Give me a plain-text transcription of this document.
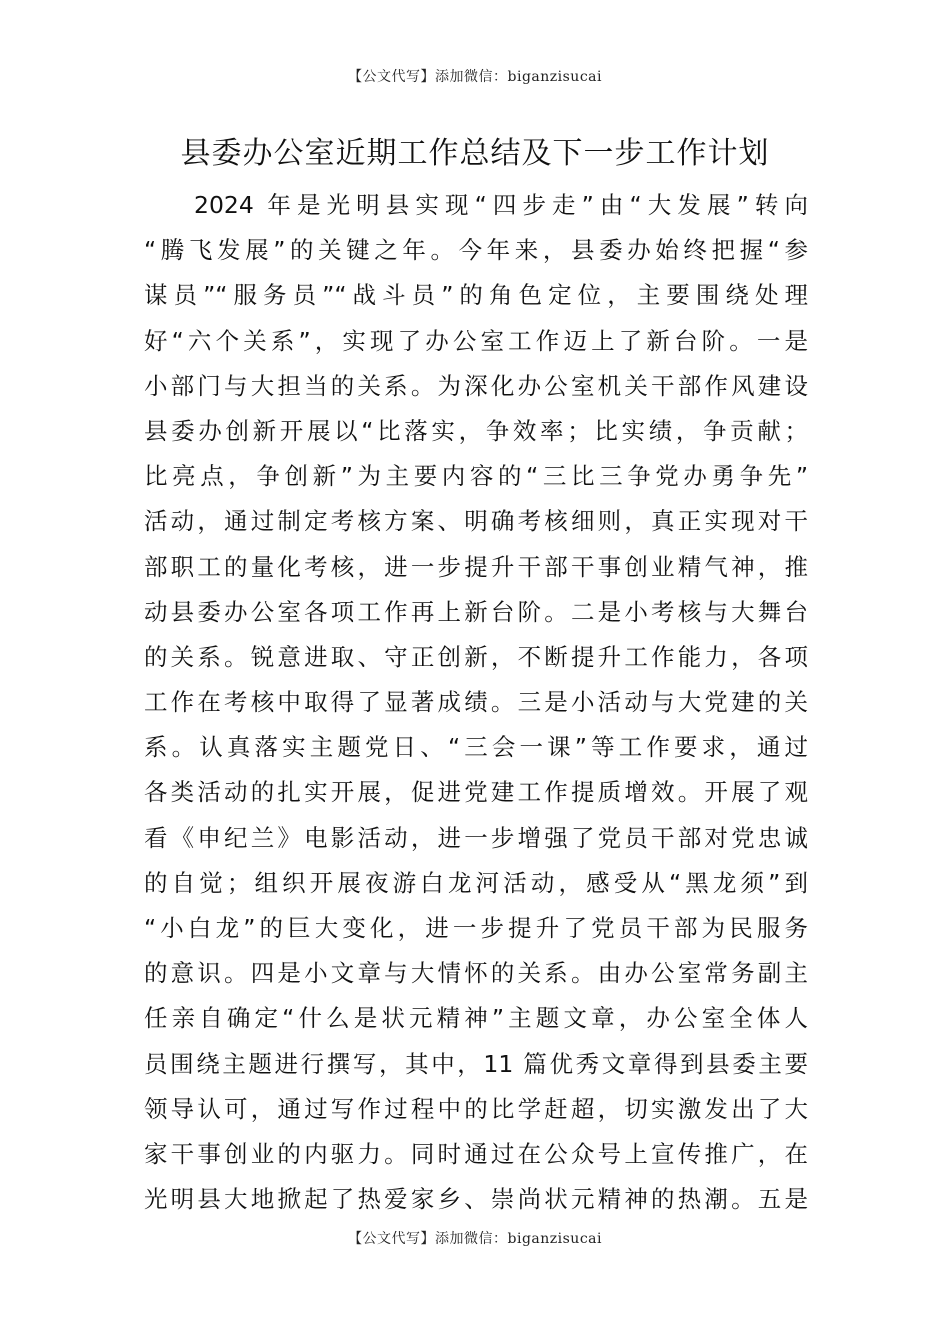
【公文代写】添加微信：biganzisucai
县委办公室近期工作总结及下一步工作计划
2024 年是光明县实现“四步走”由“大发展”转向
“腾飞发展”的关键之年。今年来，县委办始终把握“参
谋员”“服务员”“战斗员”的角色定位，主要围绕处理
好“六个关系”，实现了办公室工作迈上了新台阶。一是
小部门与大担当的关系。为深化办公室机关干部作风建设
县委办创新开展以“比落实，争效率；比实绩，争贡献；
比亮点，争创新”为主要内容的“三比三争党办勇争先”
活动，通过制定考核方案、明确考核细则，真正实现对干
部职工的量化考核，进一步提升干部干事创业精气神，推
动县委办公室各项工作再上新台阶。二是小考核与大舞台
的关系。锐意进取、守正创新，不断提升工作能力，各项
工作在考核中取得了显著成绩。三是小活动与大党建的关
系。认真落实主题党日、“三会一课”等工作要求，通过
各类活动的扎实开展，促进党建工作提质增效。开展了观
看《申纪兰》电影活动，进一步增强了党员干部对党忠诚
的自觉；组织开展夜游白龙河活动，感受从“黑龙须”到
“小白龙”的巨大变化，进一步提升了党员干部为民服务
的意识。四是小文章与大情怀的关系。由办公室常务副主
任亲自确定“什么是状元精神”主题文章，办公室全体人
员围绕主题进行撰写，其中，11 篇优秀文章得到县委主要
领导认可，通过写作过程中的比学赶超，切实激发出了大
家干事创业的内驱力。同时通过在公众号上宣传推广，在
光明县大地掀起了热爱家乡、崇尚状元精神的热潮。五是
【公文代写】添加微信：biganzisucai
